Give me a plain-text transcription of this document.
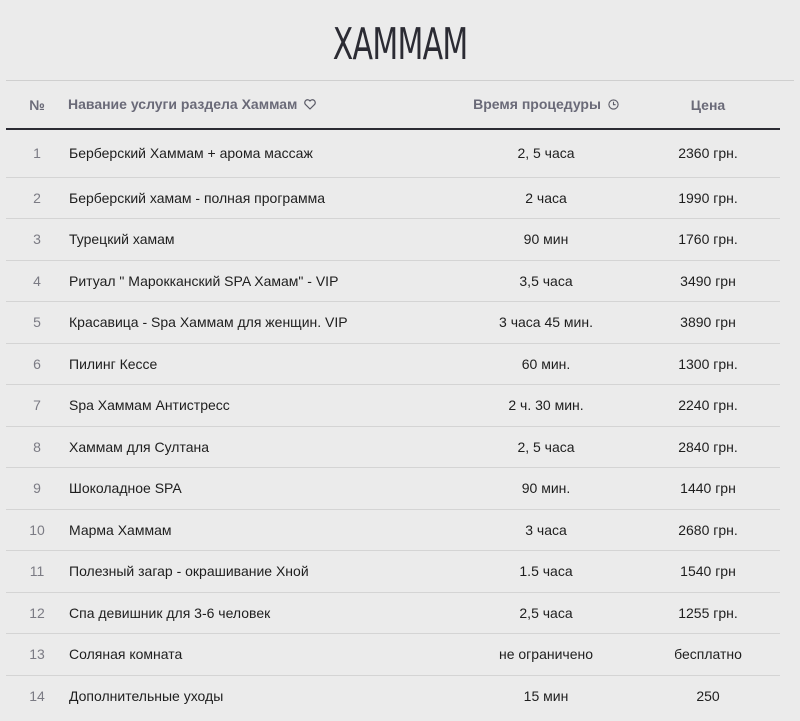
ХАММАМ
№	Навание услуги раздела Хаммам	Время процедуры	Цена
1	Берберский Хаммам + арома массаж	2, 5 часа	2360 грн.
2	Берберский хамам - полная программа	2 часа	1990 грн.
3	Турецкий хамам	90 мин	1760 грн.
4	Ритуал " Марокканский SPA Хамам" - VIP	3,5 часа	3490 грн
5	Красавица - Spa Хаммам для женщин. VIP	3 часа 45 мин.	3890 грн
6	Пилинг Кессе	60 мин.	1300 грн.
7	Spa Хаммам Антистресс	2 ч. 30 мин.	2240 грн.
8	Хаммам для Султана	2, 5 часа	2840 грн.
9	Шоколадное SPA	90 мин.	1440 грн
10	Марма Хаммам	3 часа	2680 грн.
11	Полезный загар - окрашивание Хной	1.5 часа	1540 грн
12	Спа девишник для 3-6 человек	2,5 часа	1255 грн.
13	Соляная комната	не ограничено	бесплатно
14	Дополнительные уходы	15 мин	250
